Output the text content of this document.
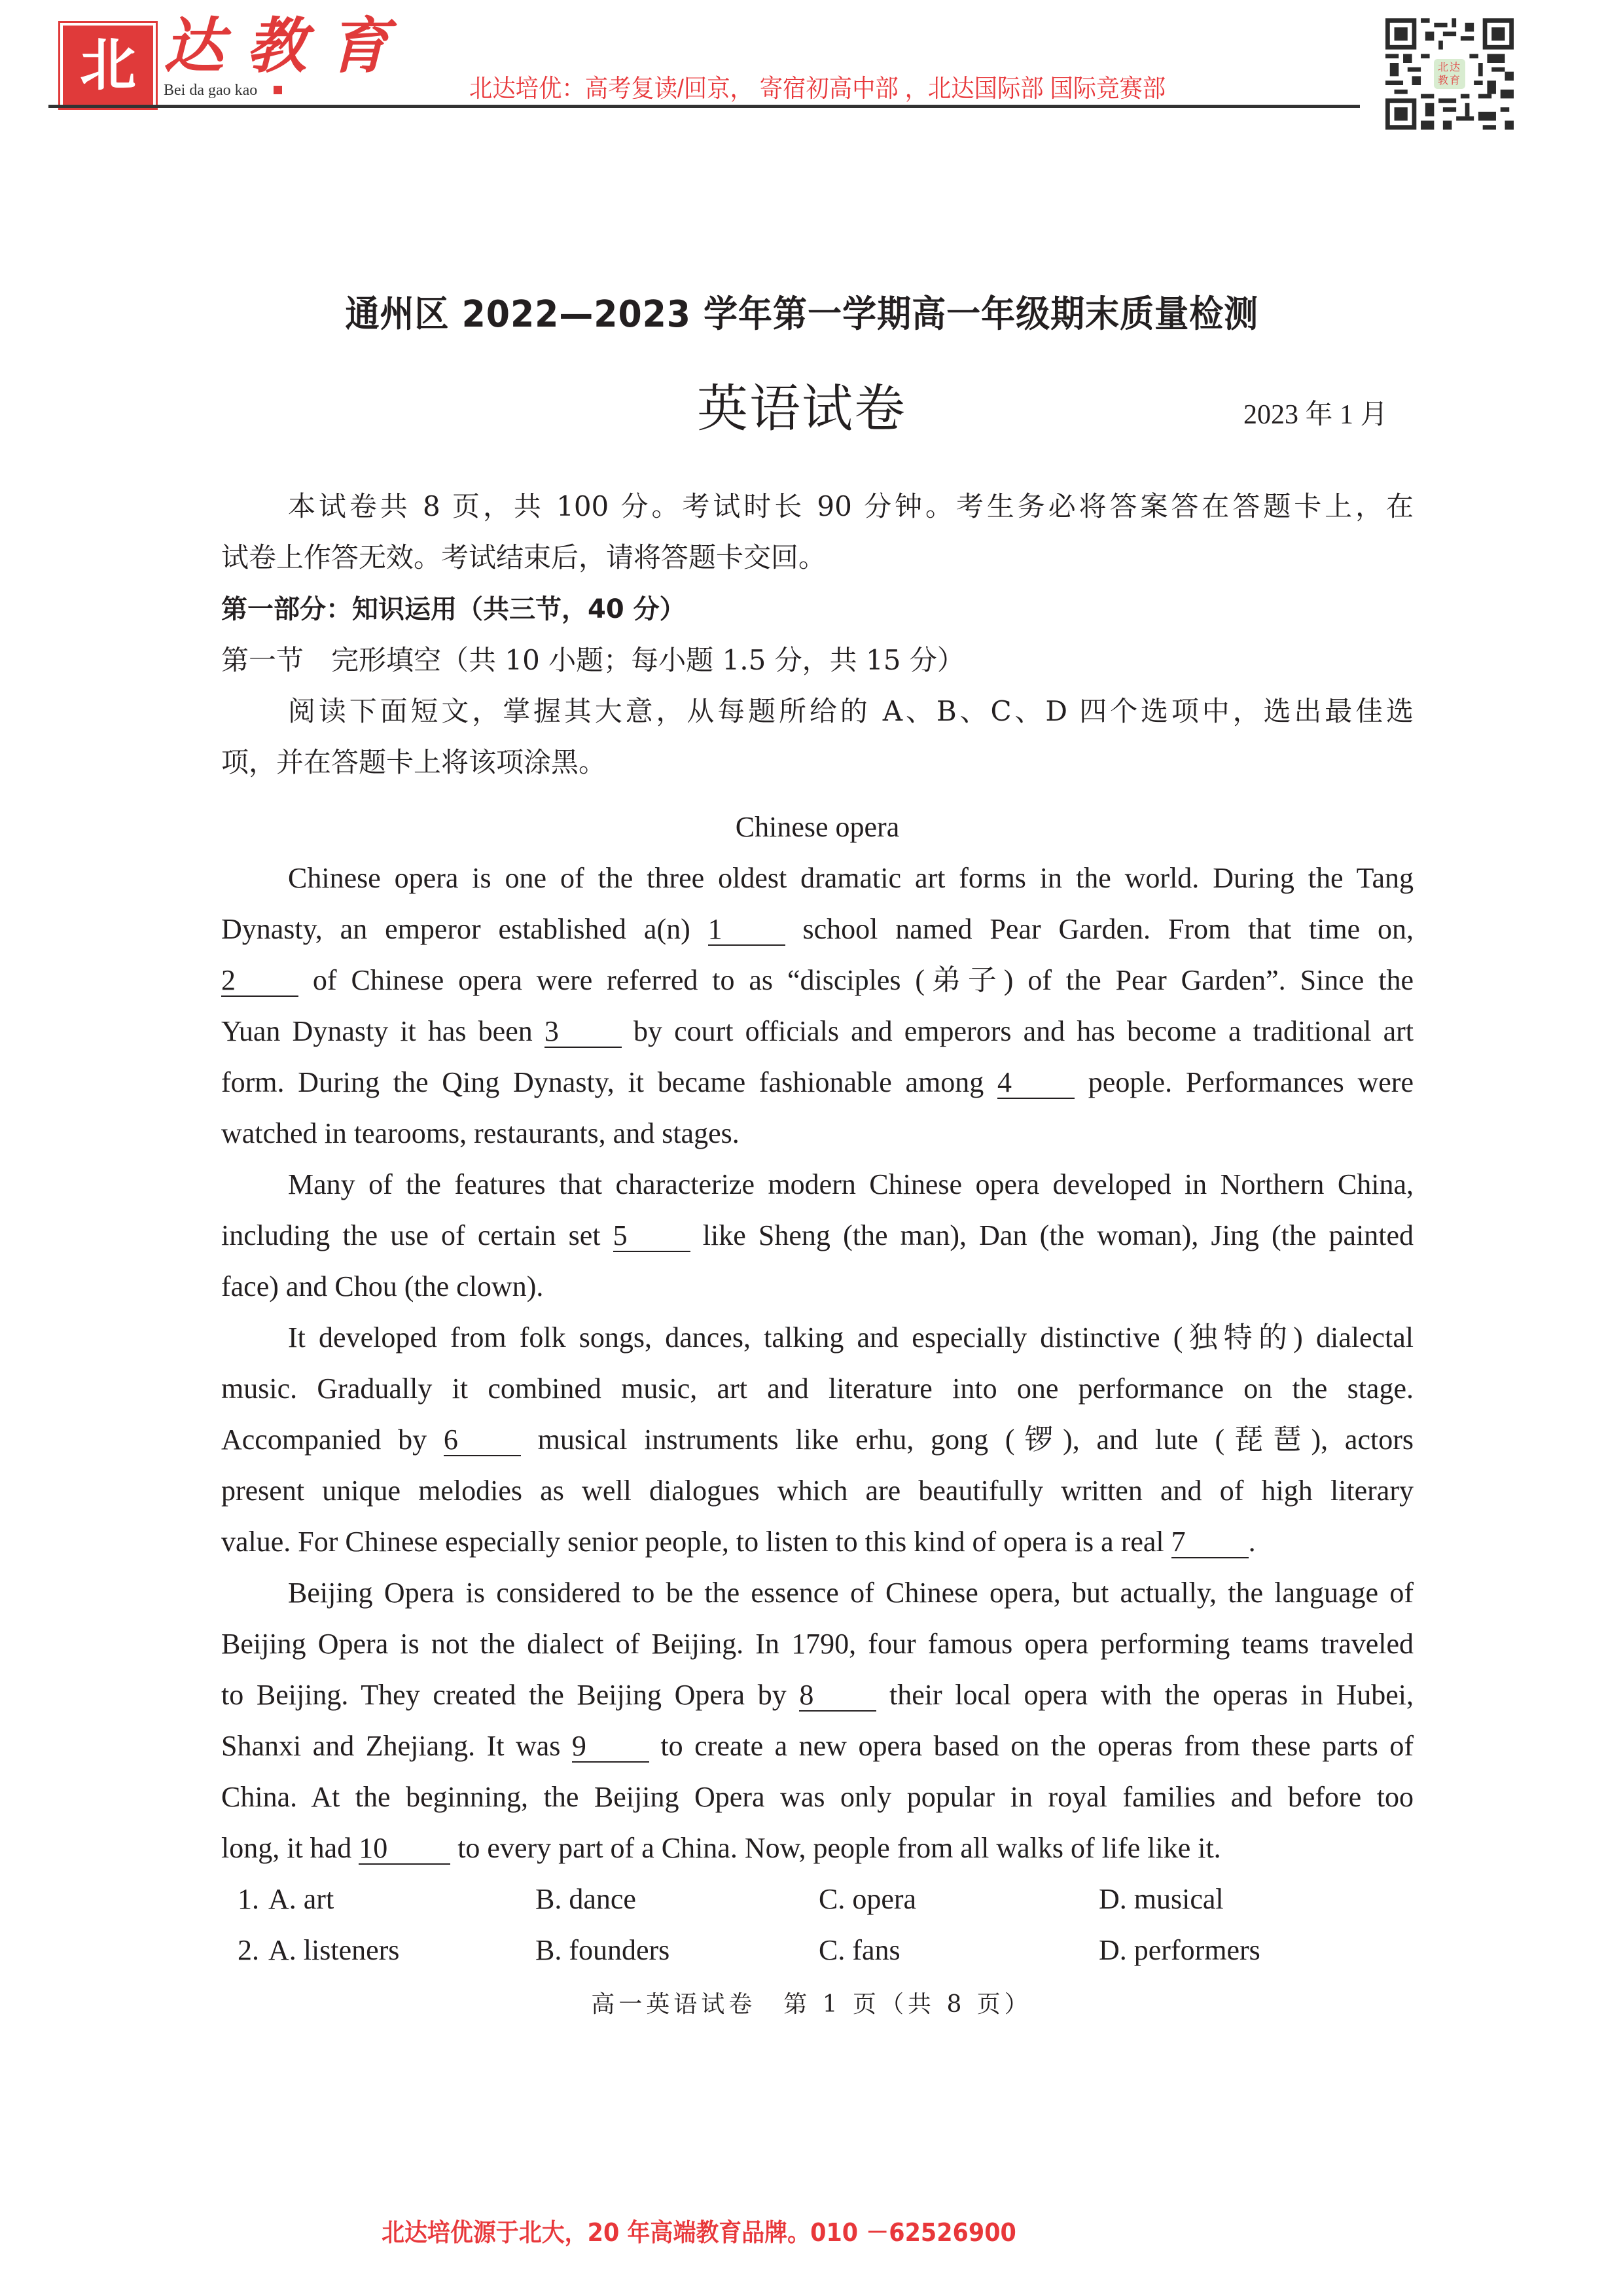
北 达教育
Bei da gao kao	北达培优：高考复读/回京， 寄宿初高中部 ，北达国际部 国际竞赛部
北达教育
通州区 2022—2023 学年第一学期高一年级期末质量检测
英语试卷	2023 年 1 月
本试卷共 8 页，共 100 分。考试时长 90 分钟。考生务必将答案答在答题卡上，在
试卷上作答无效。考试结束后，请将答题卡交回。
第一部分：知识运用（共三节，40 分）
第一节　完形填空（共 10 小题；每小题 1.5 分，共 15 分）
阅读下面短文，掌握其大意，从每题所给的 A、B、C、D 四个选项中，选出最佳选
项，并在答题卡上将该项涂黑。
Chinese opera
Chinese opera is one of the three oldest dramatic art forms in the world. During the Tang
Dynasty, an emperor established a(n) 1 school named Pear Garden. From that time on,
2 of Chinese opera were referred to as “disciples (弟子) of the Pear Garden”. Since the
Yuan Dynasty it has been 3 by court officials and emperors and has become a traditional art
form. During the Qing Dynasty, it became fashionable among 4 people. Performances were
watched in tearooms, restaurants, and stages.
Many of the features that characterize modern Chinese opera developed in Northern China,
including the use of certain set 5 like Sheng (the man), Dan (the woman), Jing (the painted
face) and Chou (the clown).
It developed from folk songs, dances, talking and especially distinctive (独特的) dialectal
music. Gradually it combined music, art and literature into one performance on the stage.
Accompanied by 6 musical instruments like erhu, gong (锣), and lute (琵琶), actors
present unique melodies as well dialogues which are beautifully written and of high literary
value. For Chinese especially senior people, to listen to this kind of opera is a real 7 .
Beijing Opera is considered to be the essence of Chinese opera, but actually, the language of
Beijing Opera is not the dialect of Beijing. In 1790, four famous opera performing teams traveled
to Beijing. They created the Beijing Opera by 8 their local opera with the operas in Hubei,
Shanxi and Zhejiang. It was 9 to create a new opera based on the operas from these parts of
China. At the beginning, the Beijing Opera was only popular in royal families and before too
long, it had 10 to every part of a China. Now, people from all walks of life like it.
1. A. art	B. dance	C. opera	D. musical
2. A. listeners	B. founders	C. fans	D. performers
高一英语试卷　第 1 页（共 8 页）
北达培优源于北大，20 年高端教育品牌。010 －62526900
